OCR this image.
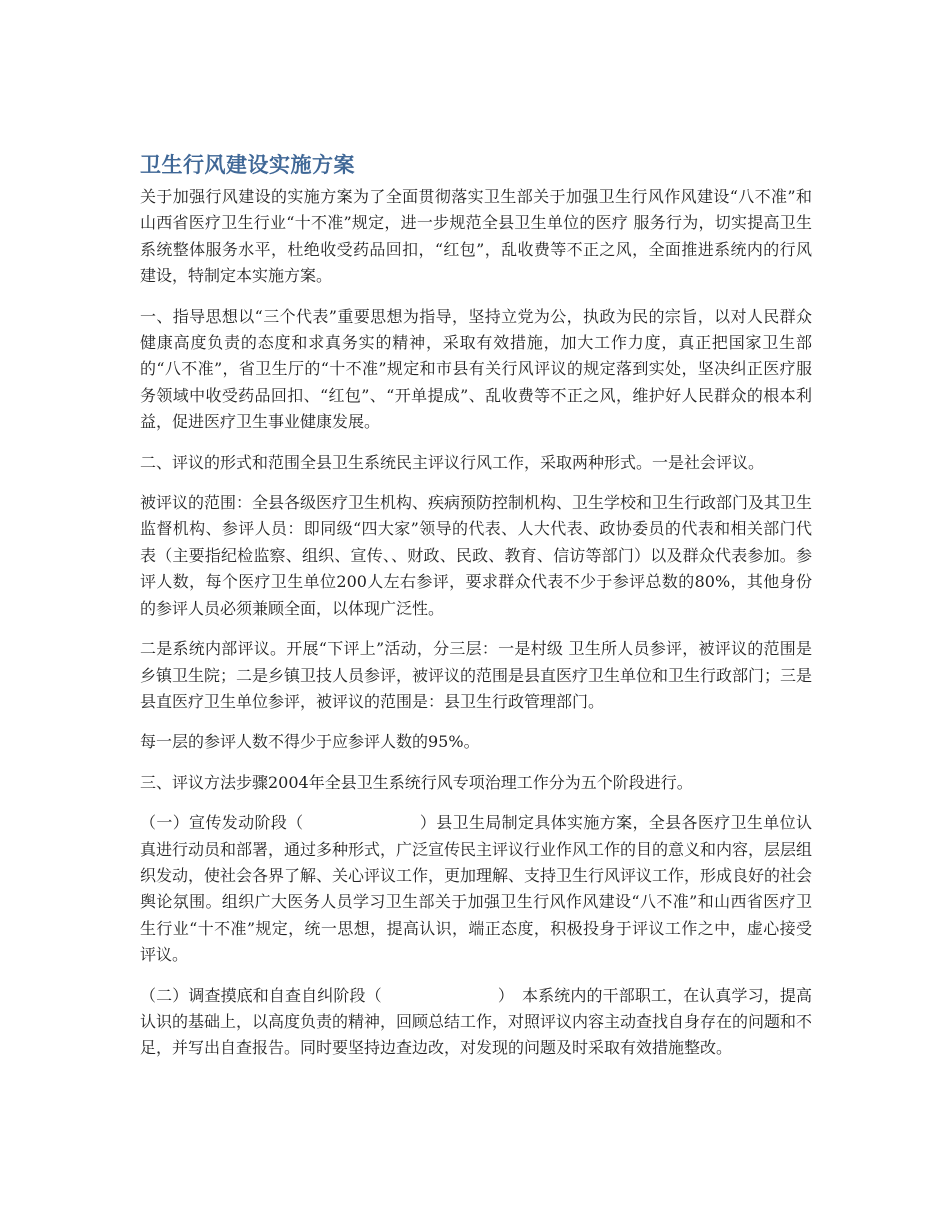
卫生行风建设实施方案

关于加强行风建设的实施方案为了全面贯彻落实卫生部关于加强卫生行风作风建设“八不准”和山西省医疗卫生行业“十不准”规定，进一步规范全县卫生单位的医疗 服务行为，切实提高卫生系统整体服务水平，杜绝收受药品回扣，“红包”，乱收费等不正之风，全面推进系统内的行风建设，特制定本实施方案。

一、指导思想以“三个代表”重要思想为指导，坚持立党为公，执政为民的宗旨，以对人民群众健康高度负责的态度和求真务实的精神，采取有效措施，加大工作力度，真正把国家卫生部的“八不准”，省卫生厅的“十不准”规定和市县有关行风评议的规定落到实处，坚决纠正医疗服务领域中收受药品回扣、“红包”、“开单提成”、乱收费等不正之风，维护好人民群众的根本利益，促进医疗卫生事业健康发展。

二、评议的形式和范围全县卫生系统民主评议行风工作，采取两种形式。一是社会评议。

被评议的范围：全县各级医疗卫生机构、疾病预防控制机构、卫生学校和卫生行政部门及其卫生监督机构、参评人员：即同级“四大家”领导的代表、人大代表、政协委员的代表和相关部门代表（主要指纪检监察、组织、宣传、、财政、民政、教育、信访等部门）以及群众代表参加。参评人数，每个医疗卫生单位200人左右参评，要求群众代表不少于参评总数的80%，其他身份的参评人员必须兼顾全面，以体现广泛性。

二是系统内部评议。开展“下评上”活动，分三层：一是村级 卫生所人员参评，被评议的范围是乡镇卫生院；二是乡镇卫技人员参评，被评议的范围是县直医疗卫生单位和卫生行政部门；三是县直医疗卫生单位参评，被评议的范围是：县卫生行政管理部门。

每一层的参评人数不得少于应参评人数的95%。

三、评议方法步骤2004年全县卫生系统行风专项治理工作分为五个阶段进行。

（一）宣传发动阶段（	）县卫生局制定具体实施方案，全县各医疗卫生单位认真进行动员和部署，通过多种形式，广泛宣传民主评议行业作风工作的目的意义和内容，层层组织发动，使社会各界了解、关心评议工作，更加理解、支持卫生行风评议工作，形成良好的社会舆论氛围。组织广大医务人员学习卫生部关于加强卫生行风作风建设“八不准”和山西省医疗卫生行业“十不准”规定，统一思想，提高认识，端正态度，积极投身于评议工作之中，虚心接受评议。

（二）调查摸底和自查自纠阶段（	）　本系统内的干部职工，在认真学习，提高认识的基础上，以高度负责的精神，回顾总结工作，对照评议内容主动查找自身存在的问题和不足，并写出自查报告。同时要坚持边查边改，对发现的问题及时采取有效措施整改。
